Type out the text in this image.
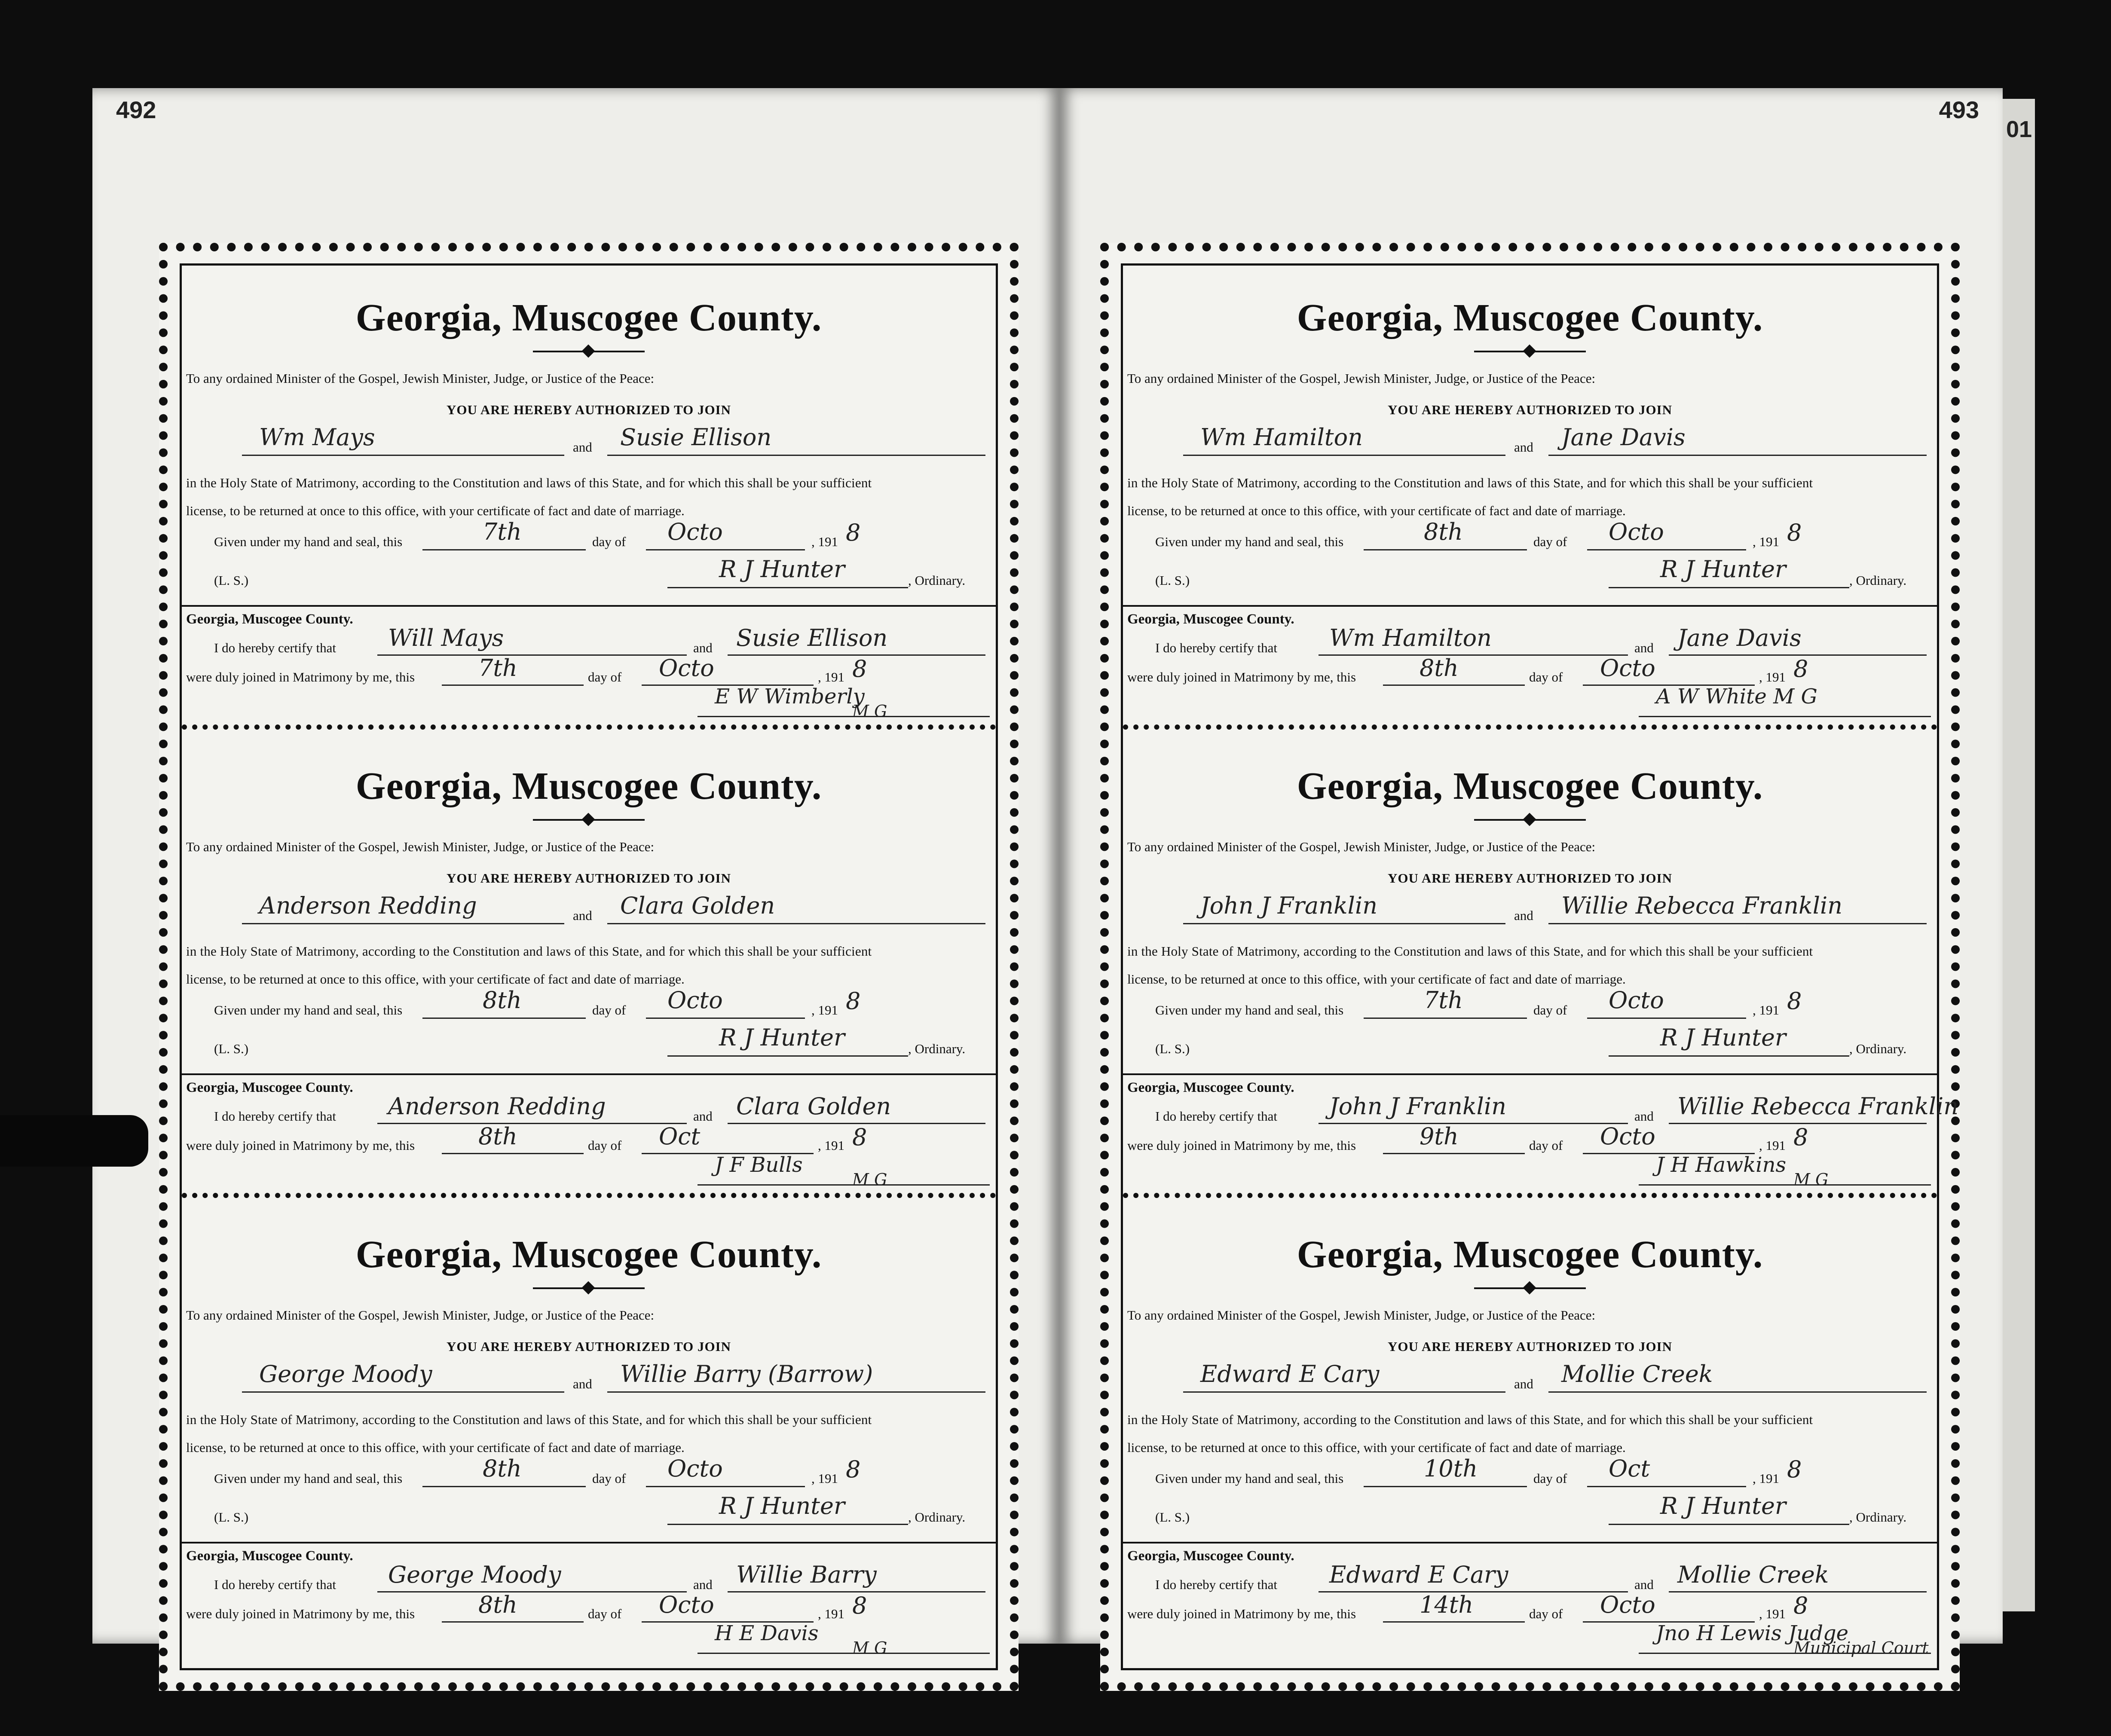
492
Georgia, Muscogee County.
To any ordained Minister of the Gospel, Jewish Minister, Judge, or Justice of the Peace:
YOU ARE HEREBY AUTHORIZED TO JOIN
Wm Mays	and Susie Ellison
in the Holy State of Matrimony, according to the Constitution and laws of this State, and for which this shall be your sufficient
license, to be returned at once to this office, with your certificate of fact and date of marriage.
Given under my hand and seal, this	7th	day of Octo	, 191 8
(L. S.)	R J Hunter	, Ordinary.
Georgia, Muscogee County.
I do hereby certify that Will Mays	and Susie Ellison
were duly joined in Matrimony by me, this	7th	day of Octo	, 191 8
E W Wimberly
M G
Georgia, Muscogee County.
To any ordained Minister of the Gospel, Jewish Minister, Judge, or Justice of the Peace:
YOU ARE HEREBY AUTHORIZED TO JOIN
Anderson Redding	and Clara Golden
in the Holy State of Matrimony, according to the Constitution and laws of this State, and for which this shall be your sufficient
license, to be returned at once to this office, with your certificate of fact and date of marriage.
Given under my hand and seal, this	8th	day of Octo	, 191 8
(L. S.)	R J Hunter	, Ordinary.
Georgia, Muscogee County.
I do hereby certify that Anderson Redding	and Clara Golden
were duly joined in Matrimony by me, this	8th	day of Oct	, 191 8
J F Bulls
M G
Georgia, Muscogee County.
To any ordained Minister of the Gospel, Jewish Minister, Judge, or Justice of the Peace:
YOU ARE HEREBY AUTHORIZED TO JOIN
George Moody	and Willie Barry (Barrow)
in the Holy State of Matrimony, according to the Constitution and laws of this State, and for which this shall be your sufficient
license, to be returned at once to this office, with your certificate of fact and date of marriage.
Given under my hand and seal, this	8th	day of Octo	, 191 8
(L. S.)	R J Hunter	, Ordinary.
Georgia, Muscogee County.
I do hereby certify that George Moody	and Willie Barry
were duly joined in Matrimony by me, this	8th	day of Octo	, 191 8
H E Davis
M G
493
Georgia, Muscogee County.
To any ordained Minister of the Gospel, Jewish Minister, Judge, or Justice of the Peace:
YOU ARE HEREBY AUTHORIZED TO JOIN
Wm Hamilton	and Jane Davis
in the Holy State of Matrimony, according to the Constitution and laws of this State, and for which this shall be your sufficient
license, to be returned at once to this office, with your certificate of fact and date of marriage.
Given under my hand and seal, this	8th	day of Octo	, 191 8
(L. S.)	R J Hunter	, Ordinary.
Georgia, Muscogee County.
I do hereby certify that Wm Hamilton	and Jane Davis
were duly joined in Matrimony by me, this	8th	day of Octo	, 191 8
A W White M G
Georgia, Muscogee County.
To any ordained Minister of the Gospel, Jewish Minister, Judge, or Justice of the Peace:
YOU ARE HEREBY AUTHORIZED TO JOIN
John J Franklin	and Willie Rebecca Franklin
in the Holy State of Matrimony, according to the Constitution and laws of this State, and for which this shall be your sufficient
license, to be returned at once to this office, with your certificate of fact and date of marriage.
Given under my hand and seal, this	7th	day of Octo	, 191 8
(L. S.)	R J Hunter	, Ordinary.
Georgia, Muscogee County.
I do hereby certify that John J Franklin	and Willie Rebecca Franklin
were duly joined in Matrimony by me, this	9th	day of Octo	, 191 8
J H Hawkins
M G
Georgia, Muscogee County.
To any ordained Minister of the Gospel, Jewish Minister, Judge, or Justice of the Peace:
YOU ARE HEREBY AUTHORIZED TO JOIN
Edward E Cary	and Mollie Creek
in the Holy State of Matrimony, according to the Constitution and laws of this State, and for which this shall be your sufficient
license, to be returned at once to this office, with your certificate of fact and date of marriage.
Given under my hand and seal, this	10th	day of Oct	, 191 8
(L. S.)	R J Hunter	, Ordinary.
Georgia, Muscogee County.
I do hereby certify that Edward E Cary	and Mollie Creek
were duly joined in Matrimony by me, this	14th	day of Octo	, 191 8
Jno H Lewis Judge
Municipal Court
01
